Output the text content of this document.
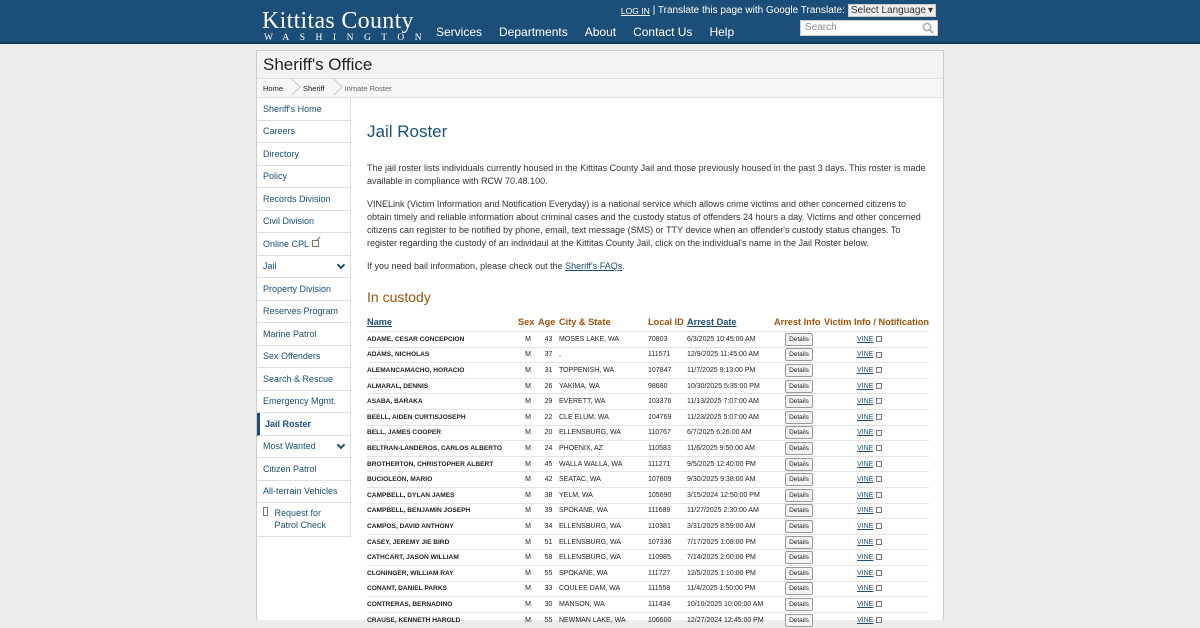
Kittitas County
WASHINGTON Services Departments About Contact Us Help
LOG IN | Translate this page with Google Translate: Select Language ▾
Search
Sheriff's Office
Home	Sheriff	Inmate Roster
Sheriff's Home
Careers
Directory
Policy
Records Division
Civil Division
Online CPL
Jail
Property Division
Reserves Program
Marine Patrol
Sex Offenders
Search & Rescue
Emergency Mgmt.
Jail Roster
Most Wanted
Citizen Patrol
All-terrain Vehicles
Request for Patrol Check
Jail Roster

The jail roster lists individuals currently housed in the Kittitas County Jail and those previously housed in the past 3 days. This roster is made available in compliance with RCW 70.48.100.

VINELink (Victim Information and Notification Everyday) is a national service which allows crime victims and other concerned citizens to obtain timely and reliable information about criminal cases and the custody status of offenders 24 hours a day. Victims and other concerned citizens can register to be notified by phone, email, text message (SMS) or TTY device when an offender's custody status changes. To register regarding the custody of an individaul at the Kittitas County Jail, click on the individual's name in the Jail Roster below.

If you need bail information, please check out the Sheriff's FAQs.

In custody
Name	Sex	Age	City & State	Local ID	Arrest Date	Arrest Info	Victim Info / Notification
ADAME, CESAR CONCEPCION	M	43	MOSES LAKE, WA	70803	6/3/2025 10:45:00 AM	Details	VINE
ADAMS, NICHOLAS	M	37	,	111571	12/9/2025 11:45:00 AM	Details	VINE
ALEMANCAMACHO, HORACIO	M	31	TOPPENISH, WA	107847	11/7/2025 9:13:00 PM	Details	VINE
ALMARAL, DENNIS	M	26	YAKIMA, WA	98680	10/30/2025 5:35:00 PM	Details	VINE
ASABA, BARAKA	M	29	EVERETT, WA	103376	11/13/2025 7:07:00 AM	Details	VINE
BEELL, AIDEN CURTISJOSEPH	M	22	CLE ELUM, WA	104769	11/23/2025 5:07:00 AM	Details	VINE
BELL, JAMES COOPER	M	20	ELLENSBURG, WA	110767	6/7/2025 6:26:00 AM	Details	VINE
BELTRAN-LANDEROS, CARLOS ALBERTO	M	24	PHOENIX, AZ	110583	11/6/2025 9:50:00 AM	Details	VINE
BROTHERTON, CHRISTOPHER ALBERT	M	45	WALLA WALLA, WA	111271	9/5/2025 12:40:00 PM	Details	VINE
BUCIOLEON, MARIO	M	42	SEATAC, WA	107809	9/30/2025 9:38:00 AM	Details	VINE
CAMPBELL, DYLAN JAMES	M	38	YELM, WA	105690	3/15/2024 12:50:00 PM	Details	VINE
CAMPBELL, BENJAMIN JOSEPH	M	39	SPOKANE, WA	111689	11/27/2025 2:30:00 AM	Details	VINE
CAMPOS, DAVID ANTHONY	M	34	ELLENSBURG, WA	110381	3/31/2025 8:59:00 AM	Details	VINE
CASEY, JEREMY JIE BIRD	M	51	ELLENSBURG, WA	107336	7/17/2025 1:08:00 PM	Details	VINE
CATHCART, JASON WILLIAM	M	58	ELLENSBURG, WA	110985	7/14/2025 2:00:00 PM	Details	VINE
CLONINGER, WILLIAM RAY	M	55	SPOKANE, WA	111727	12/5/2025 1:10:00 PM	Details	VINE
CONANT, DANIEL PARKS	M	33	COULEE DAM, WA	111558	11/4/2025 1:50:00 PM	Details	VINE
CONTRERAS, BERNADINO	M	30	MANSON, WA	111434	10/10/2025 10:00:00 AM	Details	VINE
CRAUSE, KENNETH HAROLD	M	55	NEWMAN LAKE, WA	106600	12/27/2024 12:45:00 PM	Details	VINE
